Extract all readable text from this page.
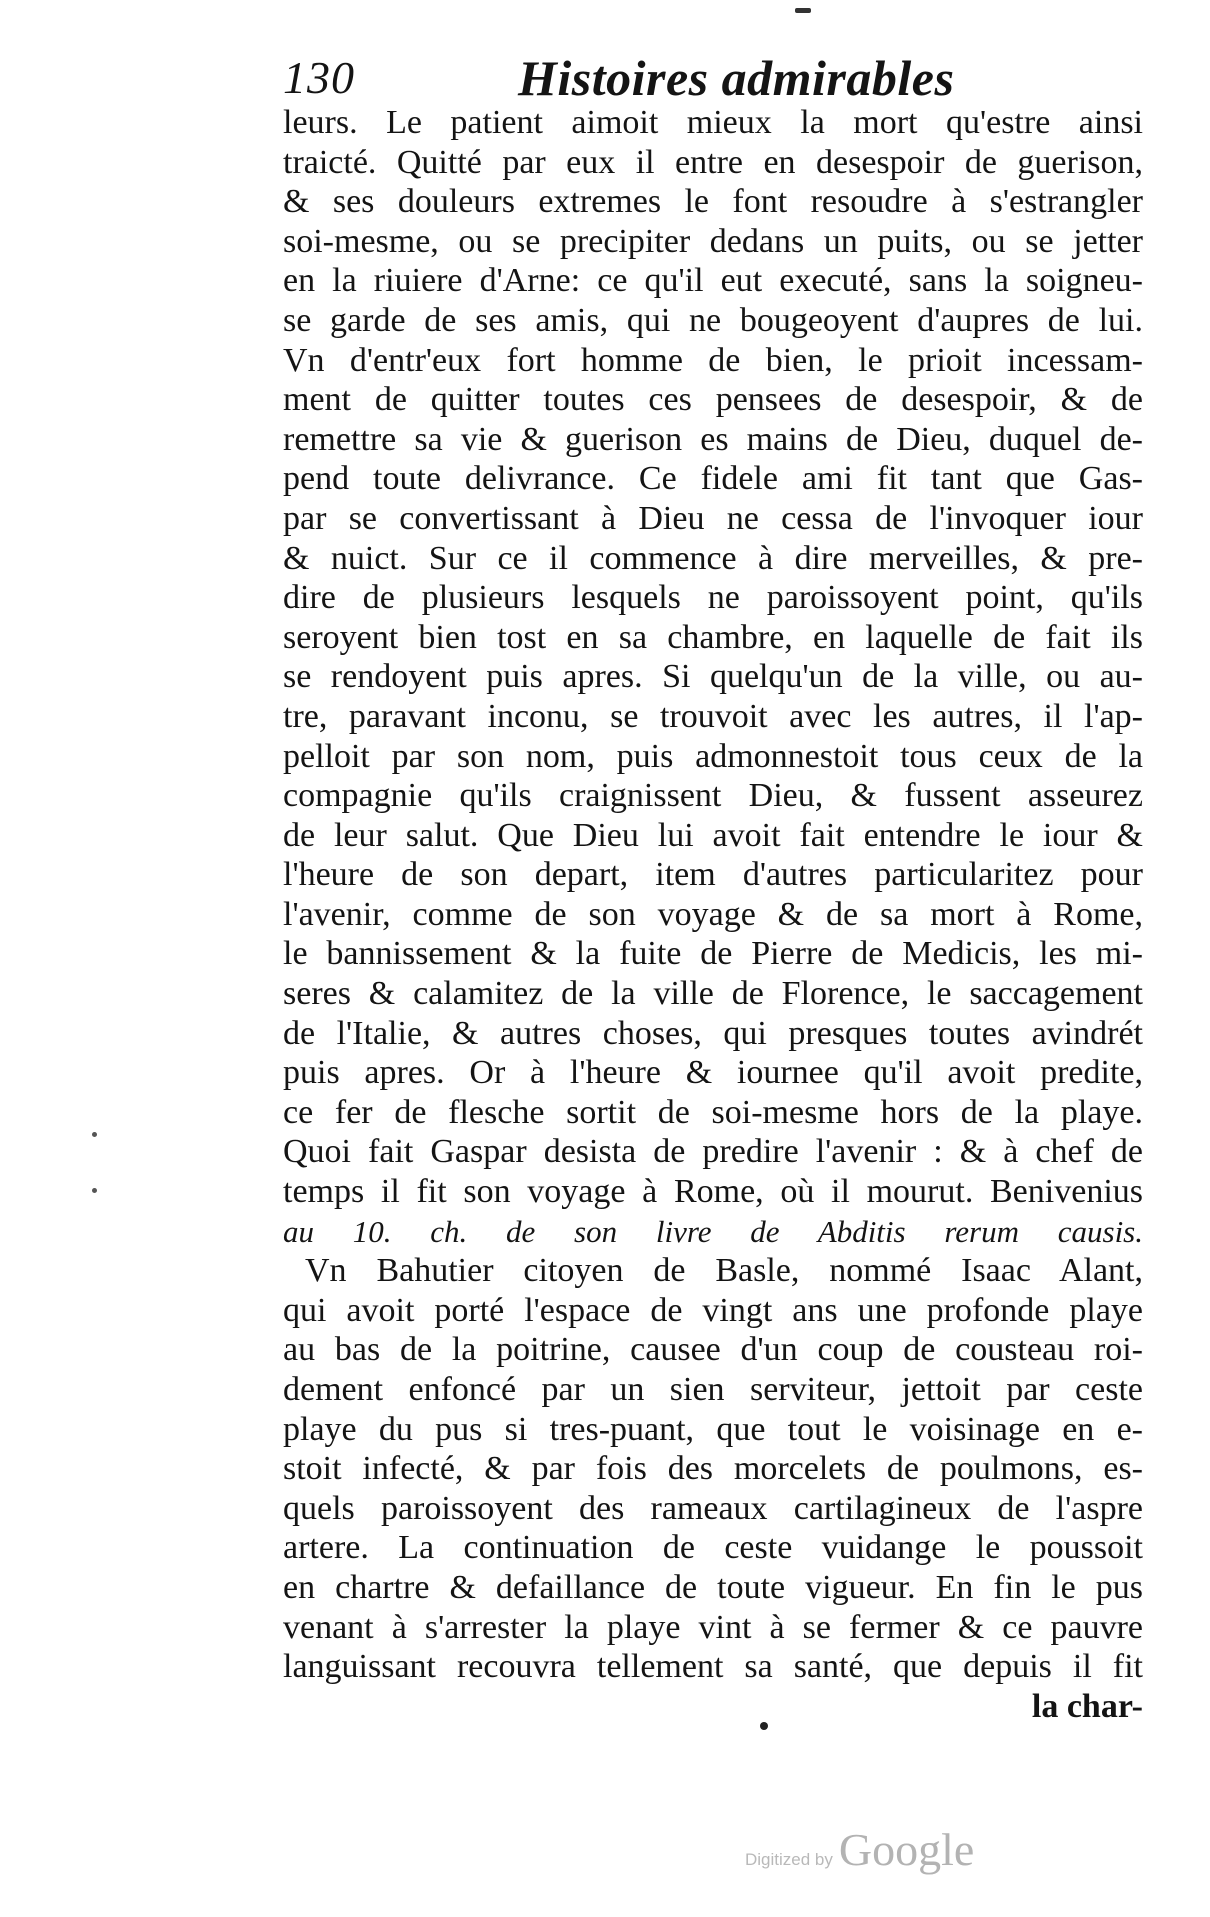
130	Histoires admirables
leurs. Le patient aimoit mieux la mort qu'estre ainsi
traicté. Quitté par eux il entre en desespoir de guerison,
& ses douleurs extremes le font resoudre à s'estrangler
soi-mesme, ou se precipiter dedans un puits, ou se jetter
en la riuiere d'Arne: ce qu'il eut executé, sans la soigneu-
se garde de ses amis, qui ne bougeoyent d'aupres de lui.
Vn d'entr'eux fort homme de bien, le prioit incessam-
ment de quitter toutes ces pensees de desespoir, & de
remettre sa vie & guerison es mains de Dieu, duquel de-
pend toute delivrance. Ce fidele ami fit tant que Gas-
par se convertissant à Dieu ne cessa de l'invoquer iour
& nuict. Sur ce il commence à dire merveilles, & pre-
dire de plusieurs lesquels ne paroissoyent point, qu'ils
seroyent bien tost en sa chambre, en laquelle de fait ils
se rendoyent puis apres. Si quelqu'un de la ville, ou au-
tre, paravant inconu, se trouvoit avec les autres, il l'ap-
pelloit par son nom, puis admonnestoit tous ceux de la
compagnie qu'ils craignissent Dieu, & fussent asseurez
de leur salut. Que Dieu lui avoit fait entendre le iour &
l'heure de son depart, item d'autres particularitez pour
l'avenir, comme de son voyage & de sa mort à Rome,
le bannissement & la fuite de Pierre de Medicis, les mi-
seres & calamitez de la ville de Florence, le saccagement
de l'Italie, & autres choses, qui presques toutes avindrét
puis apres. Or à l'heure & iournee qu'il avoit predite,
ce fer de flesche sortit de soi-mesme hors de la playe.
Quoi fait Gaspar desista de predire l'avenir : & à chef de
temps il fit son voyage à Rome, où il mourut. Benivenius
au 10. ch. de son livre de Abditis rerum causis.
Vn Bahutier citoyen de Basle, nommé Isaac Alant,
qui avoit porté l'espace de vingt ans une profonde playe
au bas de la poitrine, causee d'un coup de cousteau roi-
dement enfoncé par un sien serviteur, jettoit par ceste
playe du pus si tres-puant, que tout le voisinage en e-
stoit infecté, & par fois des morcelets de poulmons, es-
quels paroissoyent des rameaux cartilagineux de l'aspre
artere. La continuation de ceste vuidange le poussoit
en chartre & defaillance de toute vigueur. En fin le pus
venant à s'arrester la playe vint à se fermer & ce pauvre
languissant recouvra tellement sa santé, que depuis il fit
la char-
Digitized by Google
